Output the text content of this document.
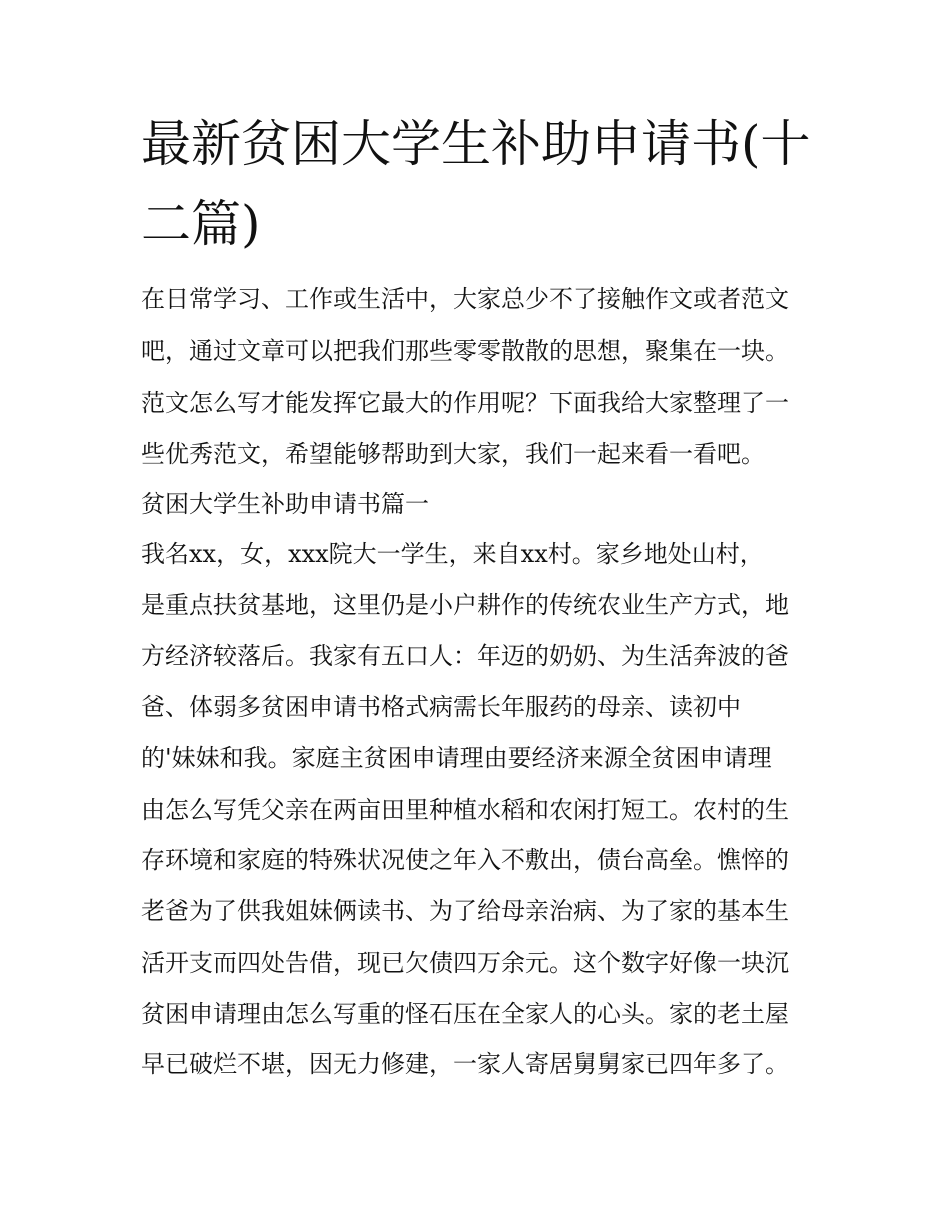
最新贫困大学生补助申请书(十
二篇)
在日常学习、工作或生活中，大家总少不了接触作文或者范文
吧，通过文章可以把我们那些零零散散的思想，聚集在一块。
范文怎么写才能发挥它最大的作用呢？下面我给大家整理了一
些优秀范文，希望能够帮助到大家，我们一起来看一看吧。
贫困大学生补助申请书篇一
我名xx，女，xxx院大一学生，来自xx村。家乡地处山村，
是重点扶贫基地，这里仍是小户耕作的传统农业生产方式，地
方经济较落后。我家有五口人：年迈的奶奶、为生活奔波的爸
爸、体弱多贫困申请书格式病需长年服药的母亲、读初中
的'妹妹和我。家庭主贫困申请理由要经济来源全贫困申请理
由怎么写凭父亲在两亩田里种植水稻和农闲打短工。农村的生
存环境和家庭的特殊状况使之年入不敷出，债台高垒。憔悴的
老爸为了供我姐妹俩读书、为了给母亲治病、为了家的基本生
活开支而四处告借，现已欠债四万余元。这个数字好像一块沉
贫困申请理由怎么写重的怪石压在全家人的心头。家的老土屋
早已破烂不堪，因无力修建，一家人寄居舅舅家已四年多了。
